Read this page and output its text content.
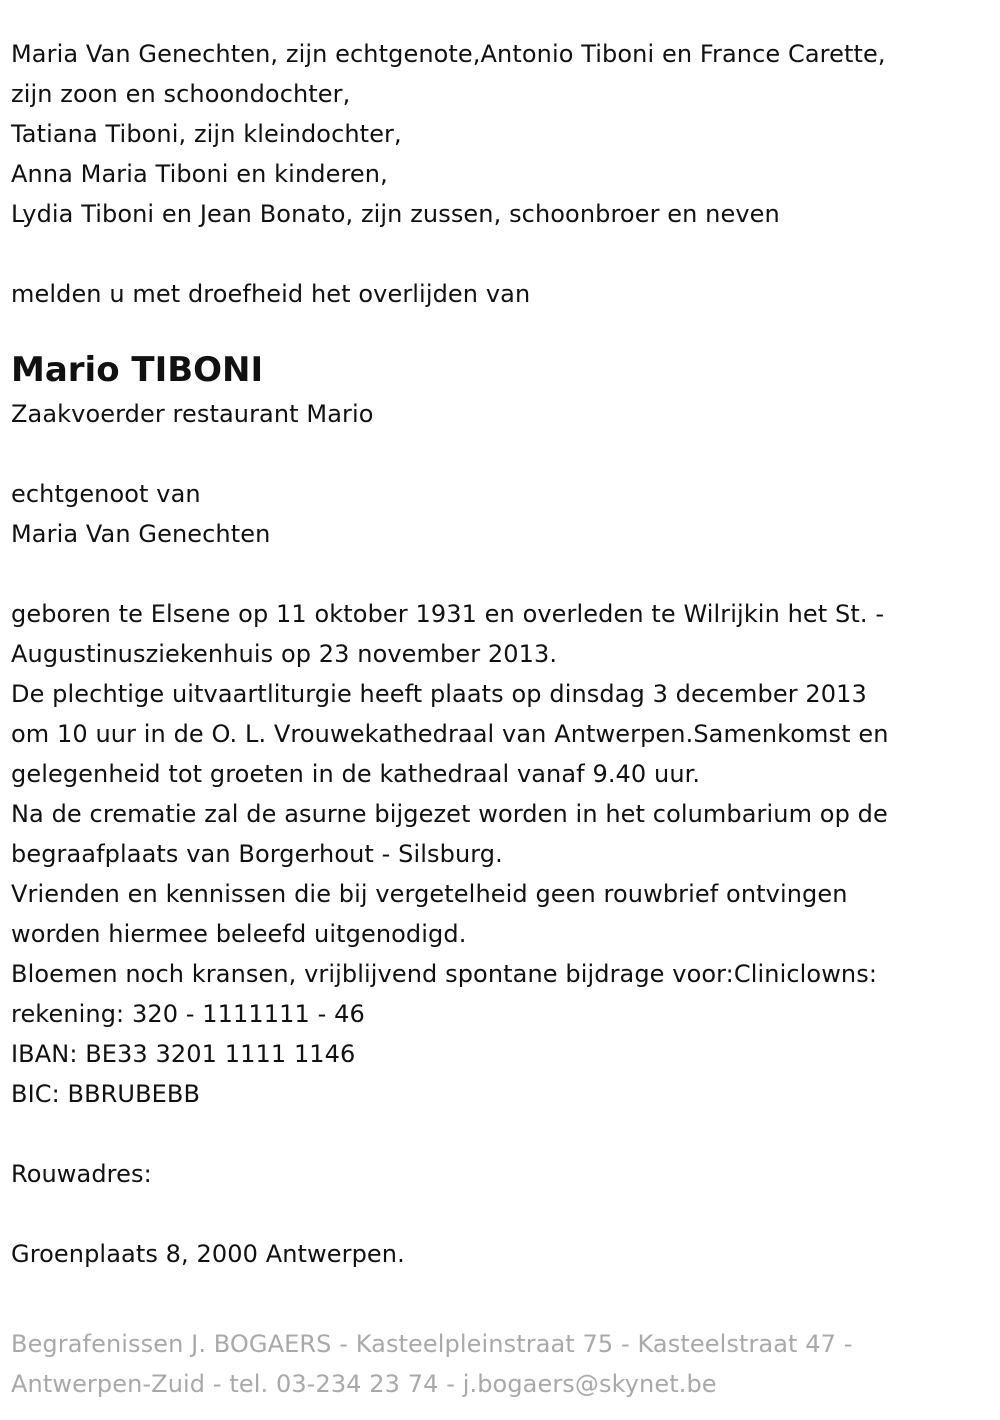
Maria Van Genechten, zijn echtgenote,Antonio Tiboni en France Carette,
zijn zoon en schoondochter,
Tatiana Tiboni, zijn kleindochter,
Anna Maria Tiboni en kinderen,
Lydia Tiboni en Jean Bonato, zijn zussen, schoonbroer en neven
melden u met droefheid het overlijden van
Mario TIBONI
Zaakvoerder restaurant Mario
echtgenoot van
Maria Van Genechten
geboren te Elsene op 11 oktober 1931 en overleden te Wilrijkin het St. -
Augustinusziekenhuis op 23 november 2013.
De plechtige uitvaartliturgie heeft plaats op dinsdag 3 december 2013
om 10 uur in de O. L. Vrouwekathedraal van Antwerpen.Samenkomst en
gelegenheid tot groeten in de kathedraal vanaf 9.40 uur.
Na de crematie zal de asurne bijgezet worden in het columbarium op de
begraafplaats van Borgerhout - Silsburg.
Vrienden en kennissen die bij vergetelheid geen rouwbrief ontvingen
worden hiermee beleefd uitgenodigd.
Bloemen noch kransen, vrijblijvend spontane bijdrage voor:Cliniclowns:
rekening: 320 - 1111111 - 46
IBAN: BE33 3201 1111 1146
BIC: BBRUBEBB
Rouwadres:
Groenplaats 8, 2000 Antwerpen.
Begrafenissen J. BOGAERS - Kasteelpleinstraat 75 - Kasteelstraat 47 -
Antwerpen-Zuid - tel. 03-234 23 74 - j.bogaers@skynet.be
